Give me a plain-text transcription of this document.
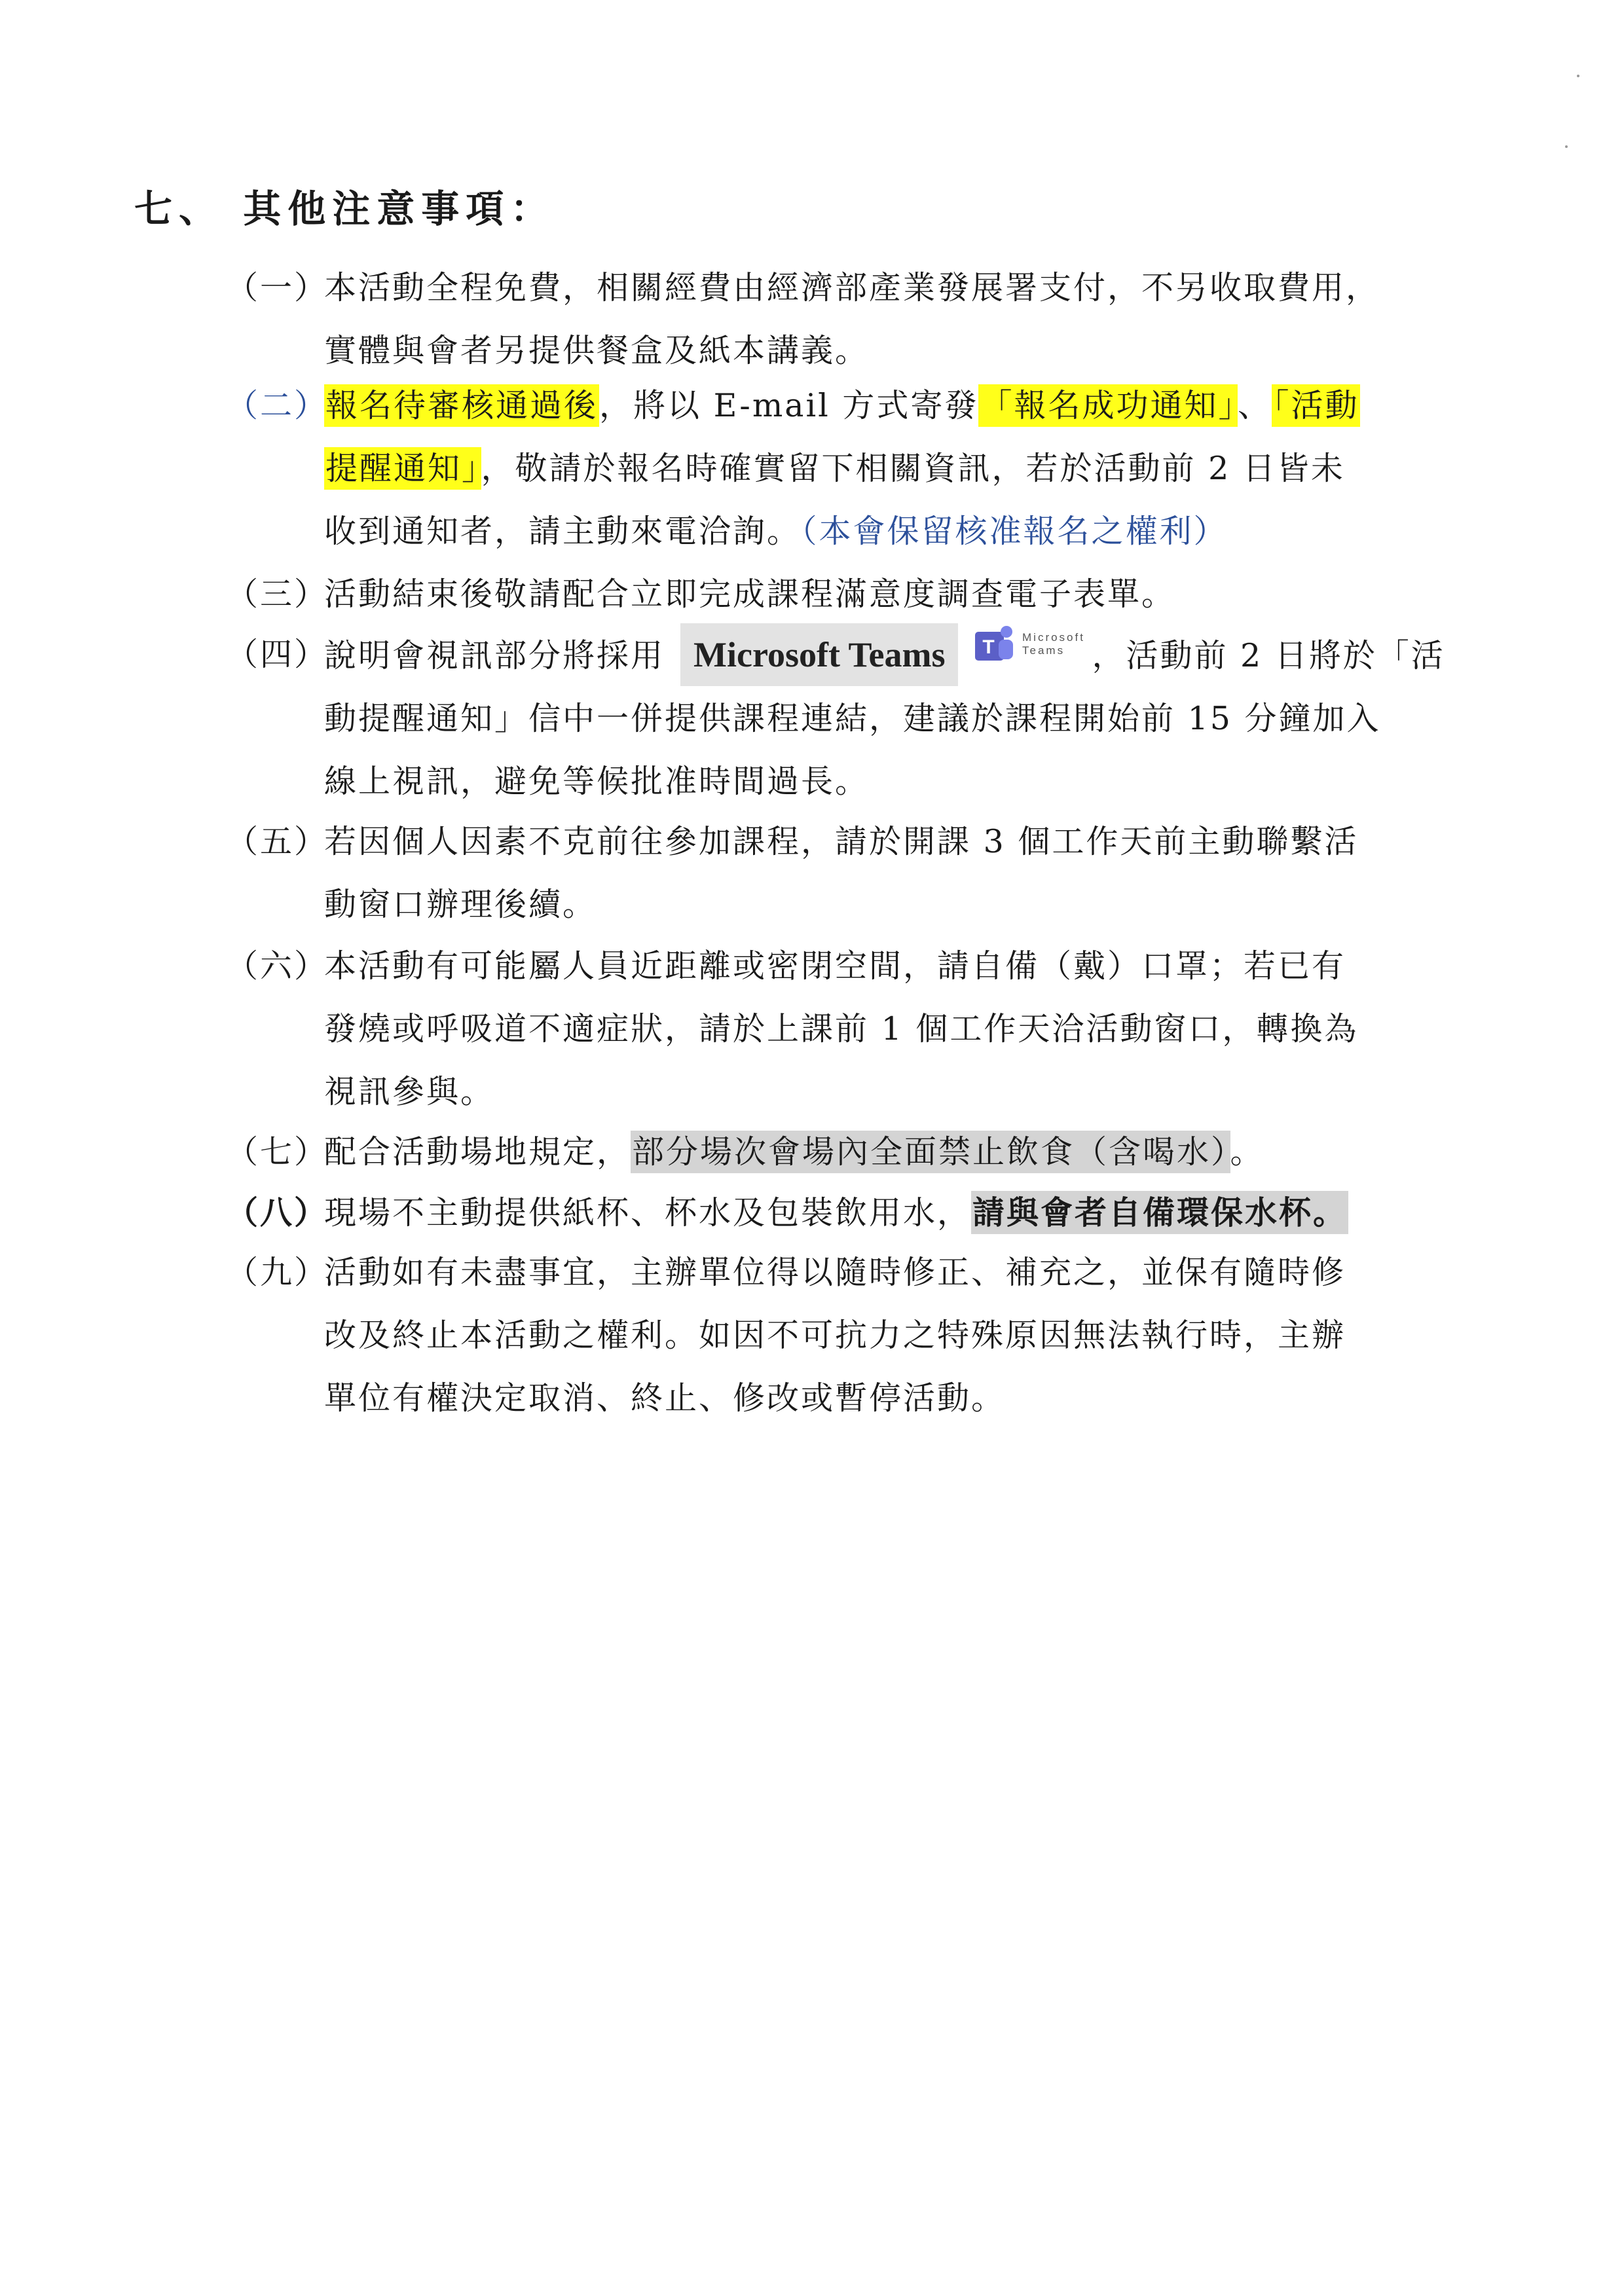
七、 其他注意事項：
（一）
本活動全程免費，相關經費由經濟部產業發展署支付，不另收取費用，
實體與會者另提供餐盒及紙本講義。
（二）
報名待審核通過後，將以 E-mail 方式寄發「報名成功通知」、「活動
提醒通知」，敬請於報名時確實留下相關資訊，若於活動前 2 日皆未
收到通知者，請主動來電洽詢。（本會保留核准報名之權利）
（三）
活動結束後敬請配合立即完成課程滿意度調查電子表單。
（四）
說明會視訊部分將採用 Microsoft Teams T Microsoft
Teams ，活動前 2 日將於「活
動提醒通知」信中一併提供課程連結，建議於課程開始前 15 分鐘加入
線上視訊，避免等候批准時間過長。
（五）
若因個人因素不克前往參加課程，請於開課 3 個工作天前主動聯繫活
動窗口辦理後續。
（六）
本活動有可能屬人員近距離或密閉空間，請自備（戴）口罩；若已有
發燒或呼吸道不適症狀，請於上課前 1 個工作天洽活動窗口，轉換為
視訊參與。
（七）
配合活動場地規定，部分場次會場內全面禁止飲食（含喝水）。
（八）
現場不主動提供紙杯、杯水及包裝飲用水，請與會者自備環保水杯。
（九）
活動如有未盡事宜，主辦單位得以隨時修正、補充之，並保有隨時修
改及終止本活動之權利。如因不可抗力之特殊原因無法執行時，主辦
單位有權決定取消、終止、修改或暫停活動。
